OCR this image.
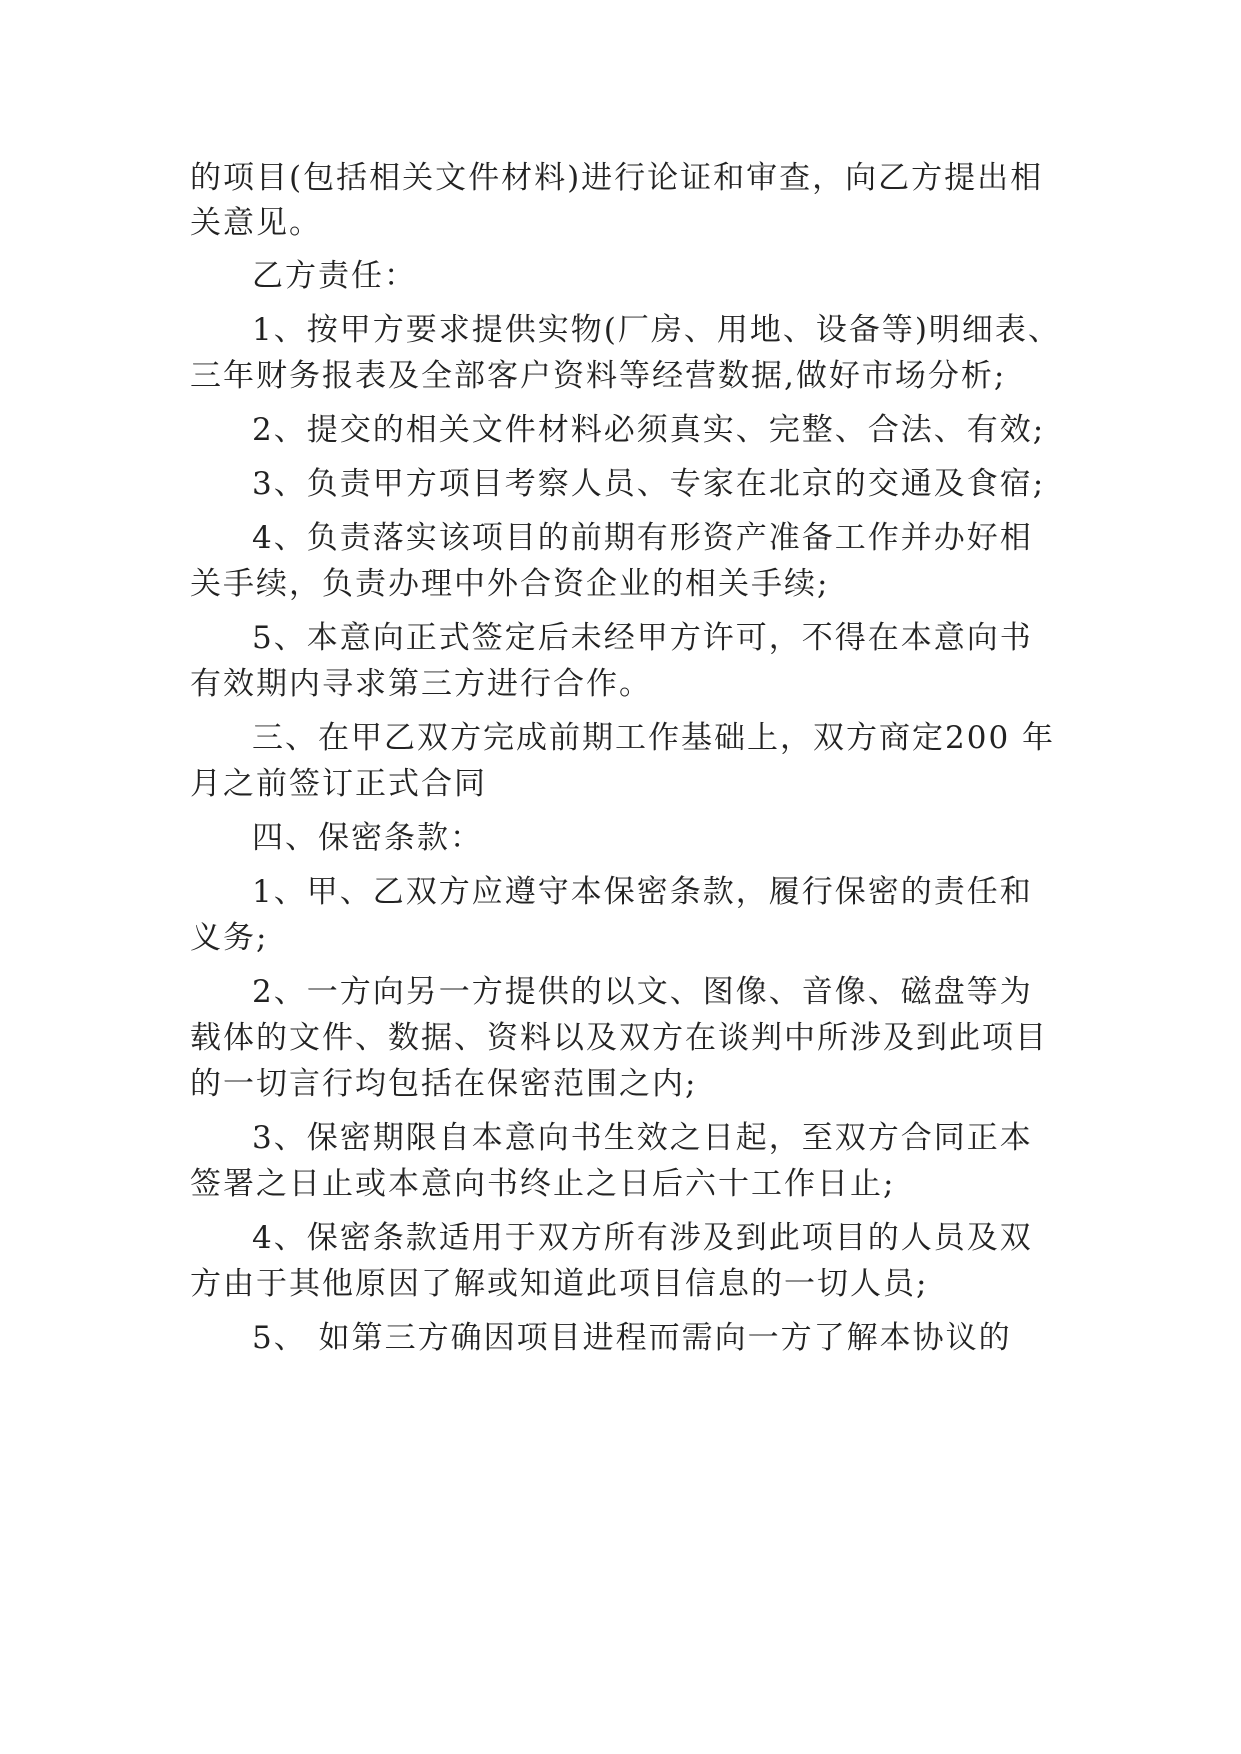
的项目(包括相关文件材料)进行论证和审查，向乙方提出相
关意见。
乙方责任：
1、按甲方要求提供实物(厂房、用地、设备等)明细表、
三年财务报表及全部客户资料等经营数据,做好市场分析;
2、提交的相关文件材料必须真实、完整、合法、有效;
3、负责甲方项目考察人员、专家在北京的交通及食宿;
4、负责落实该项目的前期有形资产准备工作并办好相
关手续，负责办理中外合资企业的相关手续;
5、本意向正式签定后未经甲方许可，不得在本意向书
有效期内寻求第三方进行合作。
三、在甲乙双方完成前期工作基础上，双方商定200 年
月之前签订正式合同
四、保密条款：
1、甲、乙双方应遵守本保密条款，履行保密的责任和
义务;
2、一方向另一方提供的以文、图像、音像、磁盘等为
载体的文件、数据、资料以及双方在谈判中所涉及到此项目
的一切言行均包括在保密范围之内;
3、保密期限自本意向书生效之日起，至双方合同正本
签署之日止或本意向书终止之日后六十工作日止;
4、保密条款适用于双方所有涉及到此项目的人员及双
方由于其他原因了解或知道此项目信息的一切人员;
5、 如第三方确因项目进程而需向一方了解本协议的
